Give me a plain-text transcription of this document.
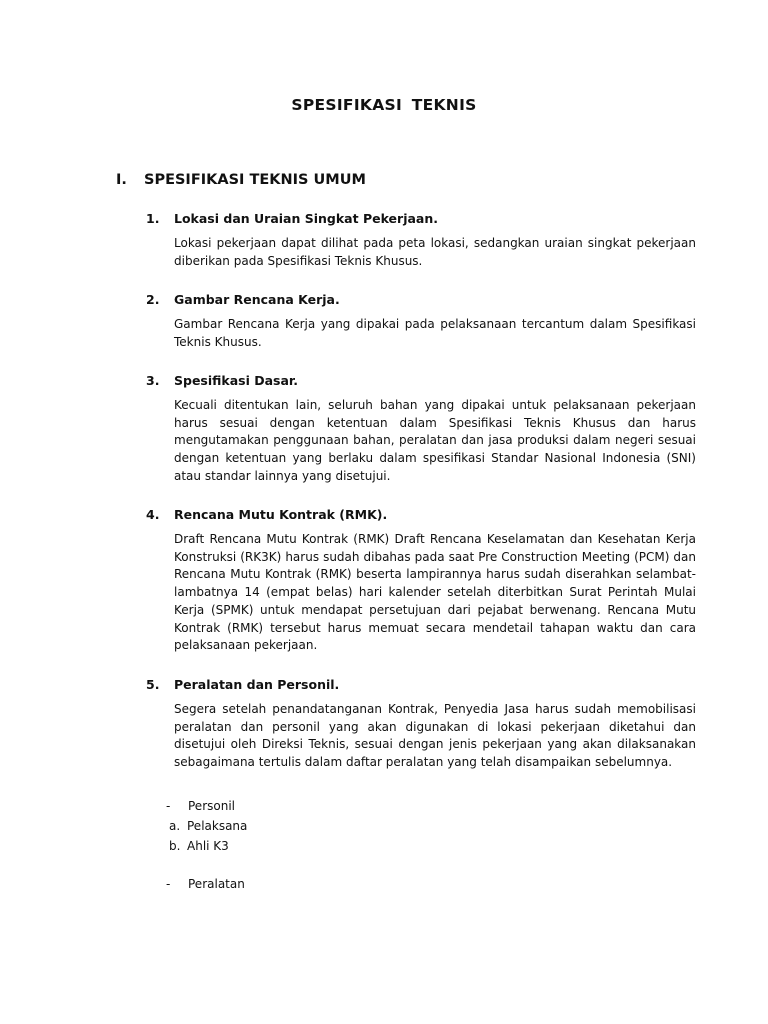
SPESIFIKASI TEKNIS
I. SPESIFIKASI TEKNIS UMUM
1. Lokasi dan Uraian Singkat Pekerjaan.
Lokasi pekerjaan dapat dilihat pada peta lokasi, sedangkan uraian singkat pekerjaan diberikan pada Spesifikasi Teknis Khusus.
2. Gambar Rencana Kerja.
Gambar Rencana Kerja yang dipakai pada pelaksanaan tercantum dalam Spesifikasi Teknis Khusus.
3. Spesifikasi Dasar.
Kecuali ditentukan lain, seluruh bahan yang dipakai untuk pelaksanaan pekerjaan harus sesuai dengan ketentuan dalam Spesifikasi Teknis Khusus dan harus mengutamakan penggunaan bahan, peralatan dan jasa produksi dalam negeri sesuai dengan ketentuan yang berlaku dalam spesifikasi Standar Nasional Indonesia (SNI) atau standar lainnya yang disetujui.
4. Rencana Mutu Kontrak (RMK).
Draft Rencana Mutu Kontrak (RMK) Draft Rencana Keselamatan dan Kesehatan Kerja Konstruksi (RK3K) harus sudah dibahas pada saat Pre Construction Meeting (PCM) dan Rencana Mutu Kontrak (RMK) beserta lampirannya harus sudah diserahkan selambat-lambatnya 14 (empat belas) hari kalender setelah diterbitkan Surat Perintah Mulai Kerja (SPMK) untuk mendapat persetujuan dari pejabat berwenang. Rencana Mutu Kontrak (RMK) tersebut harus memuat secara mendetail tahapan waktu dan cara pelaksanaan pekerjaan.
5. Peralatan dan Personil.
Segera setelah penandatanganan Kontrak, Penyedia Jasa harus sudah memobilisasi peralatan dan personil yang akan digunakan di lokasi pekerjaan diketahui dan disetujui oleh Direksi Teknis, sesuai dengan jenis pekerjaan yang akan dilaksanakan sebagaimana tertulis dalam daftar peralatan yang telah disampaikan sebelumnya.
- Personil
a. Pelaksana
b. Ahli K3
- Peralatan
